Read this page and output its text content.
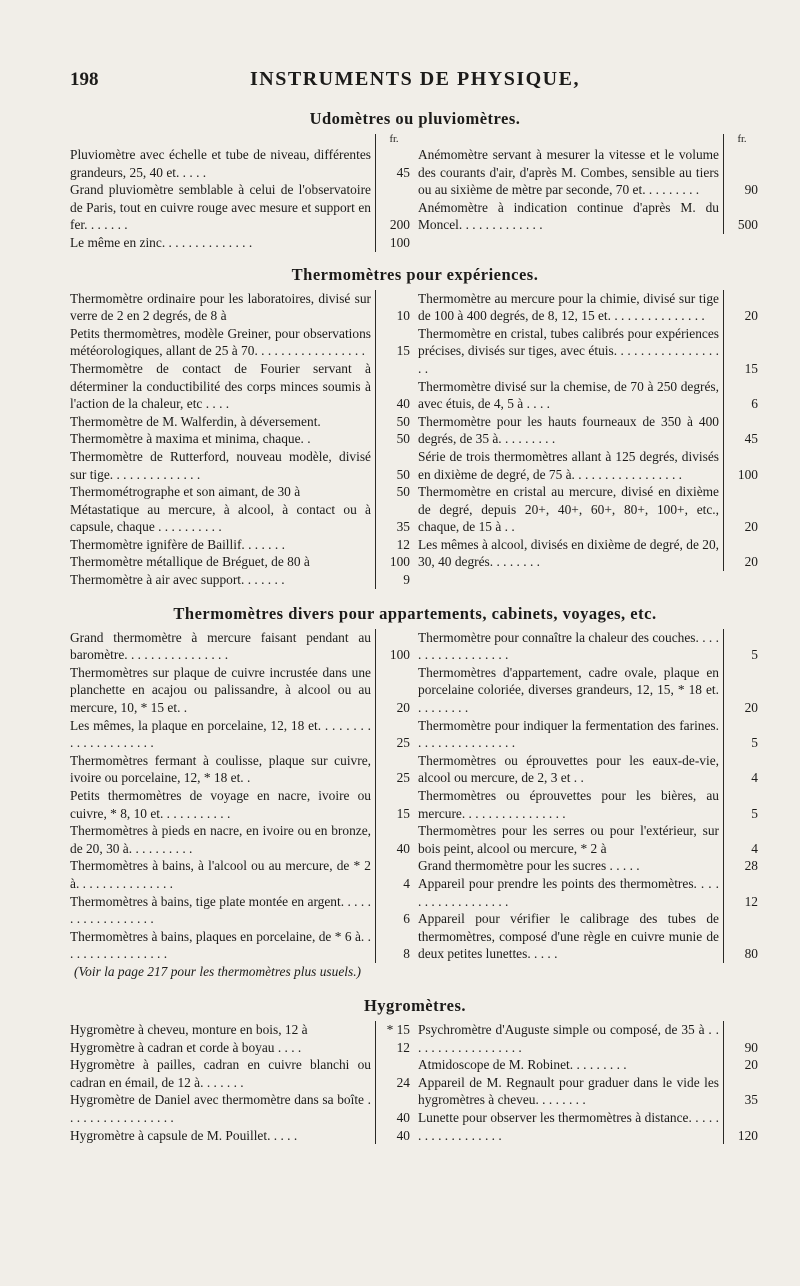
198	INSTRUMENTS DE PHYSIQUE,
Udomètres ou pluviomètres.
fr.
Pluviomètre avec échelle et tube de niveau, différentes grandeurs, 25, 40 et. . . . .	45
Grand pluviomètre semblable à celui de l'observatoire de Paris, tout en cuivre rouge avec mesure et support en fer. . . . . . .	200
Le même en zinc. . . . . . . . . . . . . .	100
fr.
Anémomètre servant à mesurer la vitesse et le volume des courants d'air, d'après M. Combes, sensible au tiers ou au sixième de mètre par seconde, 70 et. . . . . . . . .	90
Anémomètre à indication continue d'après M. du Moncel. . . . . . . . . . . . .	500
Thermomètres pour expériences.
Thermomètre ordinaire pour les laboratoires, divisé sur verre de 2 en 2 degrés, de 8 à	10
Petits thermomètres, modèle Greiner, pour observations météorologiques, allant de 25 à 70. . . . . . . . . . . . . . . . .	15
Thermomètre de contact de Fourier servant à déterminer la conductibilité des corps minces soumis à l'action de la chaleur, etc . . . .	40
Thermomètre de M. Walferdin, à déversement.	50
Thermomètre à maxima et minima, chaque. .	50
Thermomètre de Rutterford, nouveau modèle, divisé sur tige. . . . . . . . . . . . . .	50
Thermométrographe et son aimant, de 30 à	50
Métastatique au mercure, à alcool, à contact ou à capsule, chaque . . . . . . . . . .	35
Thermomètre ignifère de Baillif. . . . . . .	12
Thermomètre métallique de Bréguet, de 80 à	100
Thermomètre à air avec support. . . . . . .	9
Thermomètre au mercure pour la chimie, divisé sur tige de 100 à 400 degrés, de 8, 12, 15 et. . . . . . . . . . . . . . .	20
Thermomètre en cristal, tubes calibrés pour expériences précises, divisés sur tiges, avec étuis. . . . . . . . . . . . . . . . . .	15
Thermomètre divisé sur la chemise, de 70 à 250 degrés, avec étuis, de 4, 5 à . . . .	6
Thermomètre pour les hauts fourneaux de 350 à 400 degrés, de 35 à. . . . . . . . .	45
Série de trois thermomètres allant à 125 degrés, divisés en dixième de degré, de 75 à. . . . . . . . . . . . . . . . .	100
Thermomètre en cristal au mercure, divisé en dixième de degré, depuis 20+, 40+, 60+, 80+, 100+, etc., chaque, de 15 à . .	20
Les mêmes à alcool, divisés en dixième de degré, de 20, 30, 40 degrés. . . . . . . .	20
Thermomètres divers pour appartements, cabinets, voyages, etc.
Grand thermomètre à mercure faisant pendant au baromètre. . . . . . . . . . . . . . . .	100
Thermomètres sur plaque de cuivre incrustée dans une planchette en acajou ou palissandre, à alcool ou au mercure, 10, * 15 et. .	20
Les mêmes, la plaque en porcelaine, 12, 18 et. . . . . . . . . . . . . . . . . . . . .	25
Thermomètres fermant à coulisse, plaque sur cuivre, ivoire ou porcelaine, 12, * 18 et. .	25
Petits thermomètres de voyage en nacre, ivoire ou cuivre, * 8, 10 et. . . . . . . . . . .	15
Thermomètres à pieds en nacre, en ivoire ou en bronze, de 20, 30 à. . . . . . . . . .	40
Thermomètres à bains, à l'alcool ou au mercure, de * 2 à. . . . . . . . . . . . . . .	4
Thermomètres à bains, tige plate montée en argent. . . . . . . . . . . . . . . . . .	6
Thermomètres à bains, plaques en porcelaine, de * 6 à. . . . . . . . . . . . . . . . .	8
Thermomètre pour connaître la chaleur des couches. . . . . . . . . . . . . . . . . .	5
Thermomètres d'appartement, cadre ovale, plaque en porcelaine coloriée, diverses grandeurs, 12, 15, * 18 et. . . . . . . . .	20
Thermomètre pour indiquer la fermentation des farines. . . . . . . . . . . . . . . .	5
Thermomètres ou éprouvettes pour les eaux-de-vie, alcool ou mercure, de 2, 3 et . .	4
Thermomètres ou éprouvettes pour les bières, au mercure. . . . . . . . . . . . . . . .	5
Thermomètres pour les serres ou pour l'extérieur, sur bois peint, alcool ou mercure, * 2 à	4
Grand thermomètre pour les sucres . . . . .	28
Appareil pour prendre les points des thermomètres. . . . . . . . . . . . . . . . . .	12
Appareil pour vérifier le calibrage des tubes de thermomètres, composé d'une règle en cuivre munie de deux petites lunettes. . . . .	80
(Voir la page 217 pour les thermomètres plus usuels.)
Hygromètres.
Hygromètre à cheveu, monture en bois, 12 à	* 15
Hygromètre à cadran et corde à boyau . . . .	12
Hygromètre à pailles, cadran en cuivre blanchi ou cadran en émail, de 12 à. . . . . . .	24
Hygromètre de Daniel avec thermomètre dans sa boîte . . . . . . . . . . . . . . . . .	40
Hygromètre à capsule de M. Pouillet. . . . .	40
Psychromètre d'Auguste simple ou composé, de 35 à . . . . . . . . . . . . . . . . . .	90
Atmidoscope de M. Robinet. . . . . . . . .	20
Appareil de M. Regnault pour graduer dans le vide les hygromètres à cheveu. . . . . . . .	35
Lunette pour observer les thermomètres à distance. . . . . . . . . . . . . . . . . .	120
